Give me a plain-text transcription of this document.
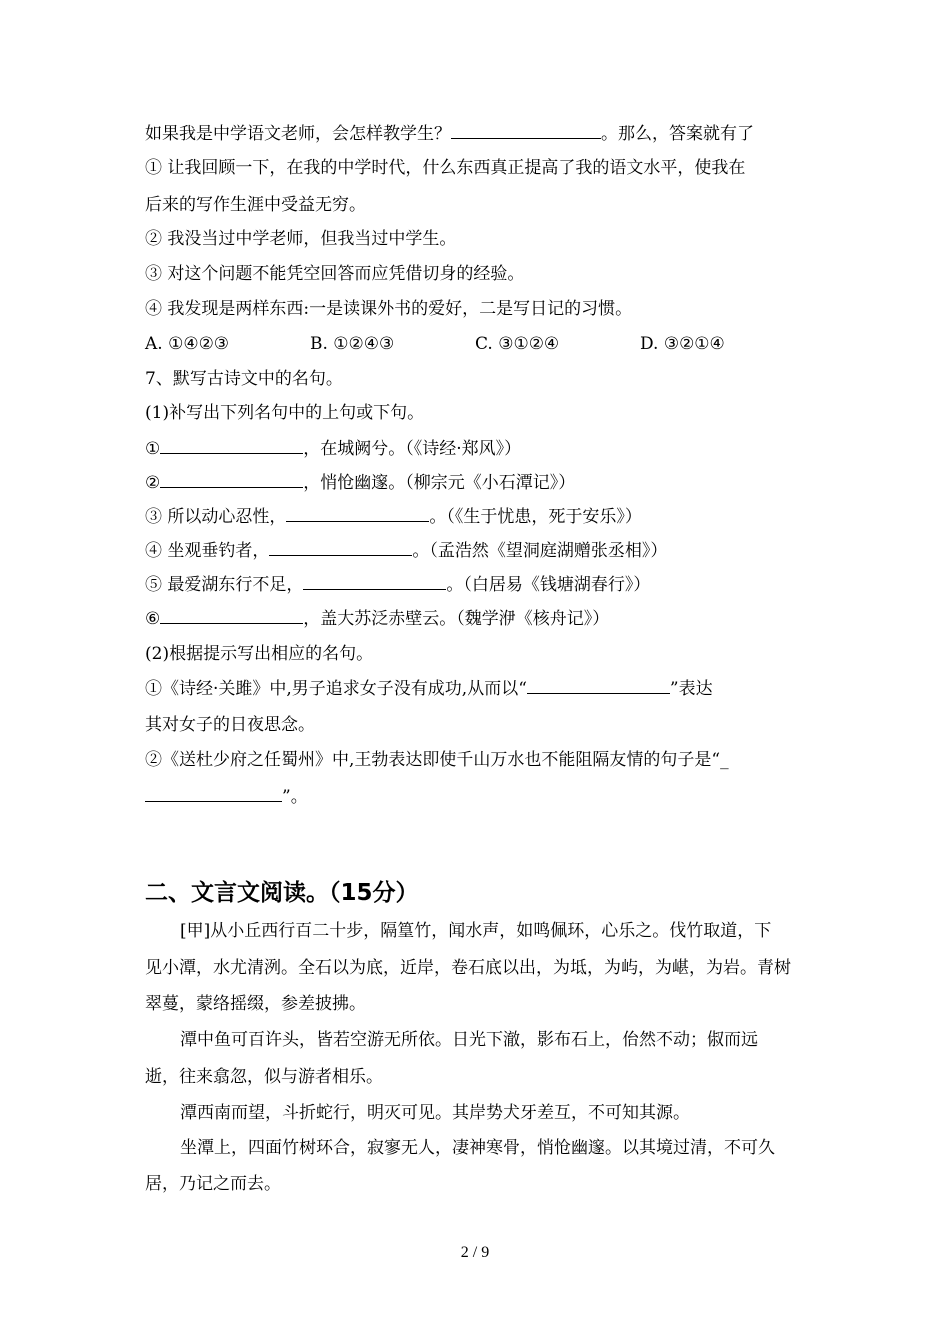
如果我是中学语文老师，会怎样教学生？	。那么，答案就有了
① 让我回顾一下，在我的中学时代，什么东西真正提高了我的语文水平，使我在
后来的写作生涯中受益无穷。
② 我没当过中学老师，但我当过中学生。
③ 对这个问题不能凭空回答而应凭借切身的经验。
④ 我发现是两样东西:一是读课外书的爱好，二是写日记的习惯。
A. ①④②③	B. ①②④③	C. ③①②④	D. ③②①④
7、默写古诗文中的名句。
(1)补写出下列名句中的上句或下句。
①	，在城阙兮。（《诗经·郑风》）
②	，悄怆幽邃。（柳宗元《小石潭记》）
③ 所以动心忍性，	。（《生于忧患，死于安乐》）
④ 坐观垂钓者，	。（孟浩然《望洞庭湖赠张丞相》）
⑤ 最爱湖东行不足，	。（白居易《钱塘湖春行》）
⑥	，盖大苏泛赤壁云。（魏学洢《核舟记》）
(2)根据提示写出相应的名句。
①《诗经·关雎》中,男子追求女子没有成功,从而以“	”表达
其对女子的日夜思念。
②《送杜少府之任蜀州》中,王勃表达即使千山万水也不能阻隔友情的句子是“_
”。
二、文言文阅读。（15分）
[甲]从小丘西行百二十步，隔篁竹，闻水声，如鸣佩环，心乐之。伐竹取道，下
见小潭，水尤清洌。全石以为底，近岸，卷石底以出，为坻，为屿，为嵁，为岩。青树
翠蔓，蒙络摇缀，参差披拂。
潭中鱼可百许头，皆若空游无所依。日光下澈，影布石上，佁然不动；俶而远
逝，往来翕忽，似与游者相乐。
潭西南而望，斗折蛇行，明灭可见。其岸势犬牙差互，不可知其源。
坐潭上，四面竹树环合，寂寥无人，凄神寒骨，悄怆幽邃。以其境过清，不可久
居，乃记之而去。
2 / 9
